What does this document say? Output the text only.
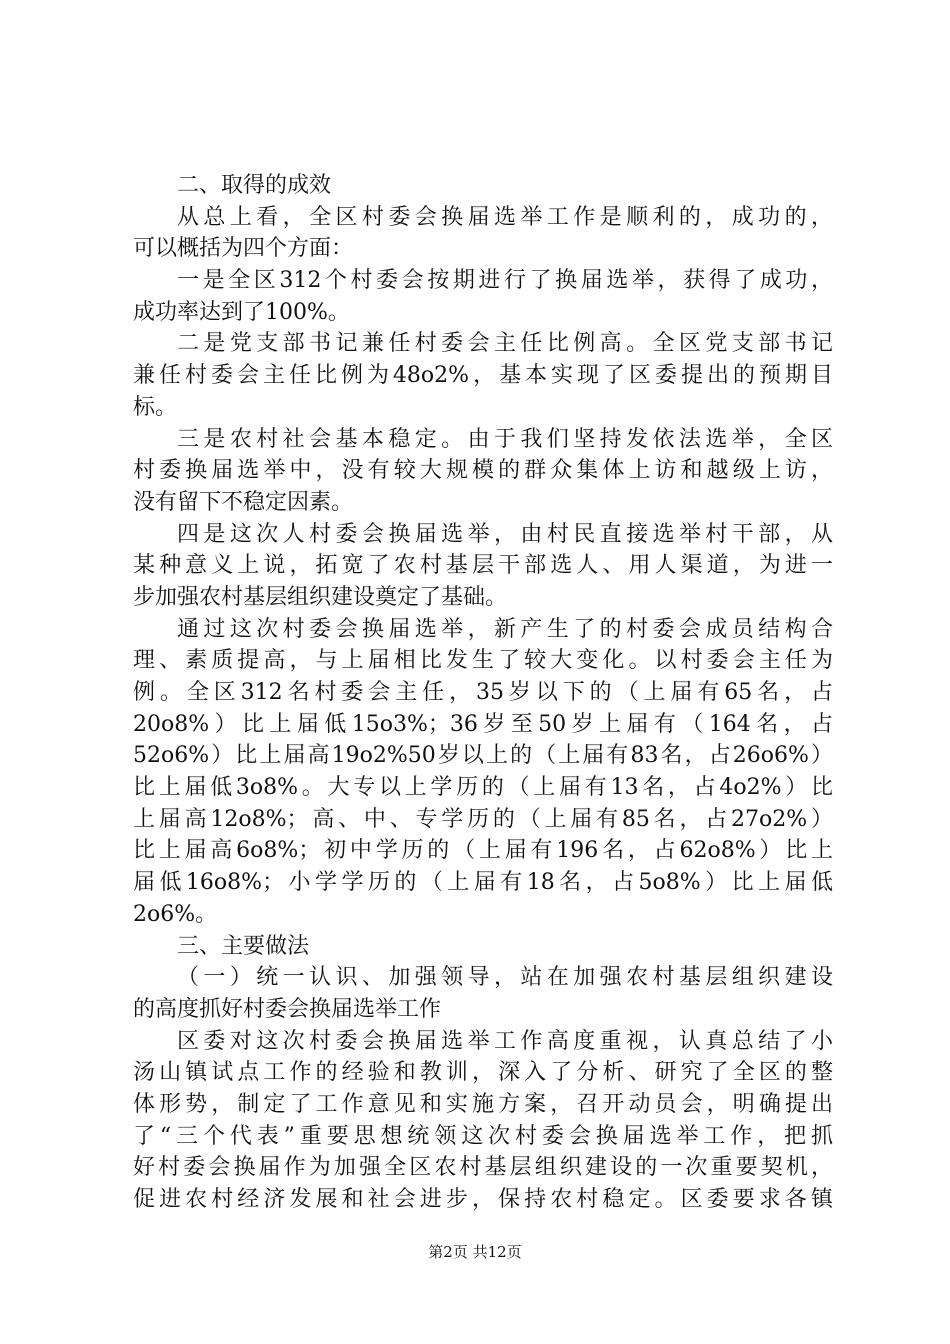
二、取得的成效
从总上看，全区村委会换届选举工作是顺利的，成功的，
可以概括为四个方面：
一是全区312个村委会按期进行了换届选举，获得了成功，
成功率达到了100%。
二是党支部书记兼任村委会主任比例高。全区党支部书记
兼任村委会主任比例为48o2%，基本实现了区委提出的预期目
标。
三是农村社会基本稳定。由于我们坚持发依法选举，全区
村委换届选举中，没有较大规模的群众集体上访和越级上访，
没有留下不稳定因素。
四是这次人村委会换届选举，由村民直接选举村干部，从
某种意义上说，拓宽了农村基层干部选人、用人渠道，为进一
步加强农村基层组织建设奠定了基础。
通过这次村委会换届选举，新产生了的村委会成员结构合
理、素质提高，与上届相比发生了较大变化。以村委会主任为
例。全区312名村委会主任，35岁以下的（上届有65名，占
20o8%）比上届低15o3%；36岁至50岁上届有（164名，占
52o6%）比上届高19o2%50岁以上的（上届有83名，占26o6%）
比上届低3o8%。大专以上学历的（上届有13名，占4o2%）比
上届高12o8%；高、中、专学历的（上届有85名，占27o2%）
比上届高6o8%；初中学历的（上届有196名，占62o8%）比上
届低16o8%；小学学历的（上届有18名，占5o8%）比上届低
2o6%。
三、主要做法
（一）统一认识、加强领导，站在加强农村基层组织建设
的高度抓好村委会换届选举工作
区委对这次村委会换届选举工作高度重视，认真总结了小
汤山镇试点工作的经验和教训，深入了分析、研究了全区的整
体形势，制定了工作意见和实施方案，召开动员会，明确提出
了“三个代表”重要思想统领这次村委会换届选举工作，把抓
好村委会换届作为加强全区农村基层组织建设的一次重要契机，
促进农村经济发展和社会进步，保持农村稳定。区委要求各镇
第2页 共12页
